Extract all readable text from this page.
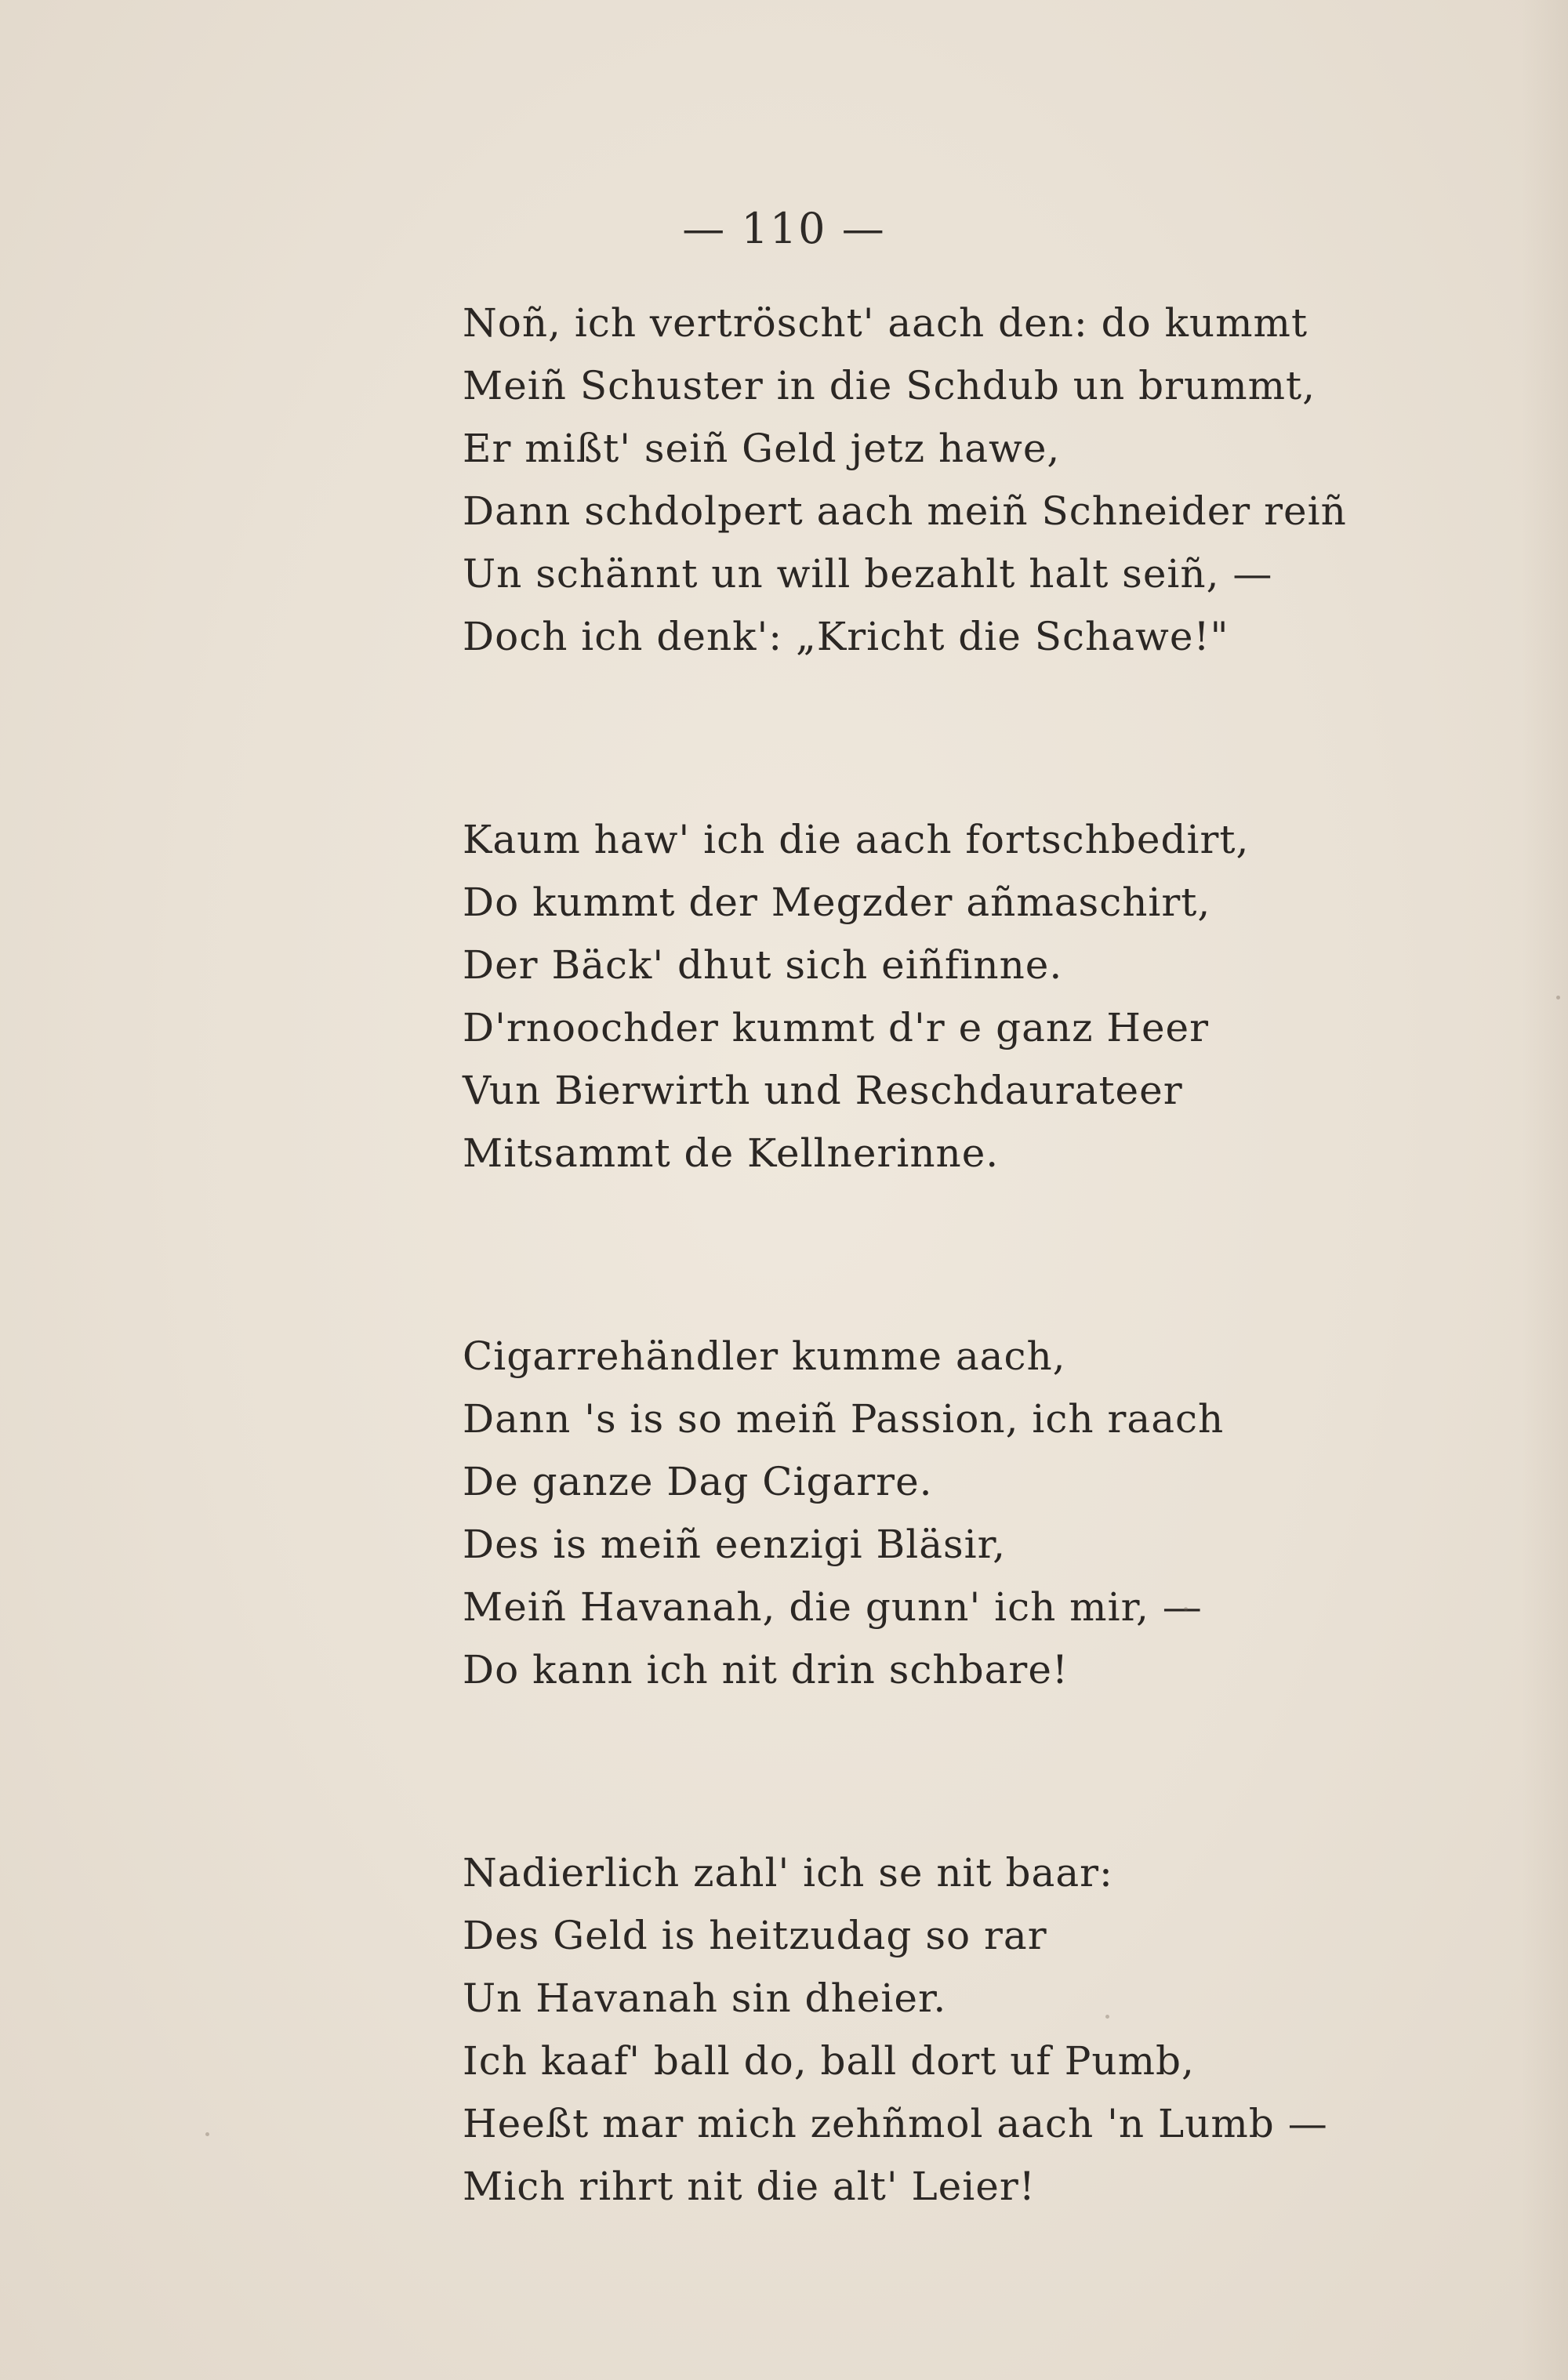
— 110 —
Noñ, ich vertröscht' aach den: do kummt
Meiñ Schuster in die Schdub un brummt,
Er mißt' seiñ Geld jetz hawe,
Dann schdolpert aach meiñ Schneider reiñ
Un schännt un will bezahlt halt seiñ, —
Doch ich denk': „Kricht die Schawe!"
Kaum haw' ich die aach fortschbedirt,
Do kummt der Megzder añmaschirt,
Der Bäck' dhut sich eiñfinne.
D'rnoochder kummt d'r e ganz Heer
Vun Bierwirth und Reschdaurateer
Mitsammt de Kellnerinne.
Cigarrehändler kumme aach,
Dann 's is so meiñ Passion, ich raach
De ganze Dag Cigarre.
Des is meiñ eenzigi Bläsir,
Meiñ Havanah, die gunn' ich mir, —
Do kann ich nit drin schbare!
Nadierlich zahl' ich se nit baar:
Des Geld is heitzudag so rar
Un Havanah sin dheier.
Ich kaaf' ball do, ball dort uf Pumb,
Heeßt mar mich zehñmol aach 'n Lumb —
Mich rihrt nit die alt' Leier!
